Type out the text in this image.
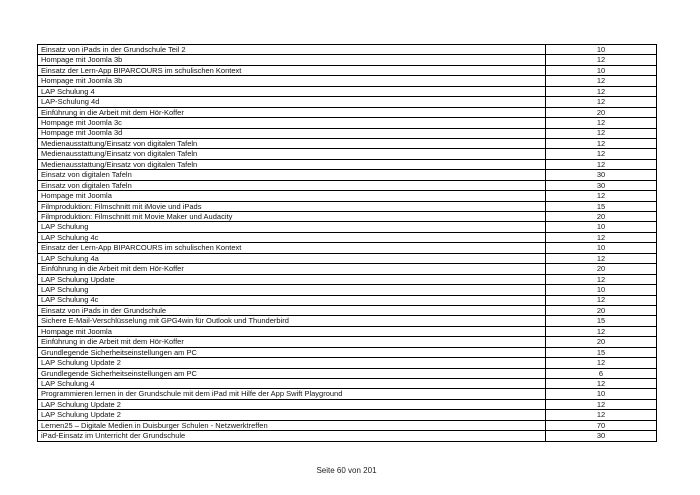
Einsatz von iPads in der Grundschule Teil 2	10
Hompage mit Joomla 3b	12
Einsatz der Lern-App BIPARCOURS im schulischen Kontext	10
Hompage mit Joomla 3b	12
LAP Schulung 4	12
LAP-Schulung 4d	12
Einführung in die Arbeit mit dem Hör-Koffer	20
Hompage mit Joomla 3c	12
Hompage mit Joomla 3d	12
Medienausstattung/Einsatz von digitalen Tafeln	12
Medienausstattung/Einsatz von digitalen Tafeln	12
Medienausstattung/Einsatz von digitalen Tafeln	12
Einsatz von digitalen Tafeln	30
Einsatz von digitalen Tafeln	30
Hompage mit Joomla	12
Filmproduktion: Filmschnitt mit iMovie und iPads	15
Filmproduktion: Filmschnitt mit Movie Maker und Audacity	20
LAP Schulung	10
LAP Schulung 4c	12
Einsatz der Lern-App BIPARCOURS im schulischen Kontext	10
LAP Schulung 4a	12
Einführung in die Arbeit mit dem Hör-Koffer	20
LAP Schulung Update	12
LAP Schulung	10
LAP Schulung 4c	12
Einsatz von iPads in der Grundschule	20
Sichere E-Mail-Verschlüsselung mit GPG4win für Outlook und Thunderbird	15
Hompage mit Joomla	12
Einführung in die Arbeit mit dem Hör-Koffer	20
Grundlegende Sicherheitseinstellungen am PC	15
LAP Schulung Update 2	12
Grundlegende Sicherheitseinstellungen am PC	6
LAP Schulung 4	12
Programmieren lernen in der Grundschule mit dem iPad mit Hilfe der App Swift Playground	10
LAP Schulung Update 2	12
LAP Schulung Update 2	12
Lernen25 – Digitale Medien in Duisburger Schulen - Netzwerktreffen	70
iPad-Einsatz im Unterricht der Grundschule	30
Seite 60 von 201
